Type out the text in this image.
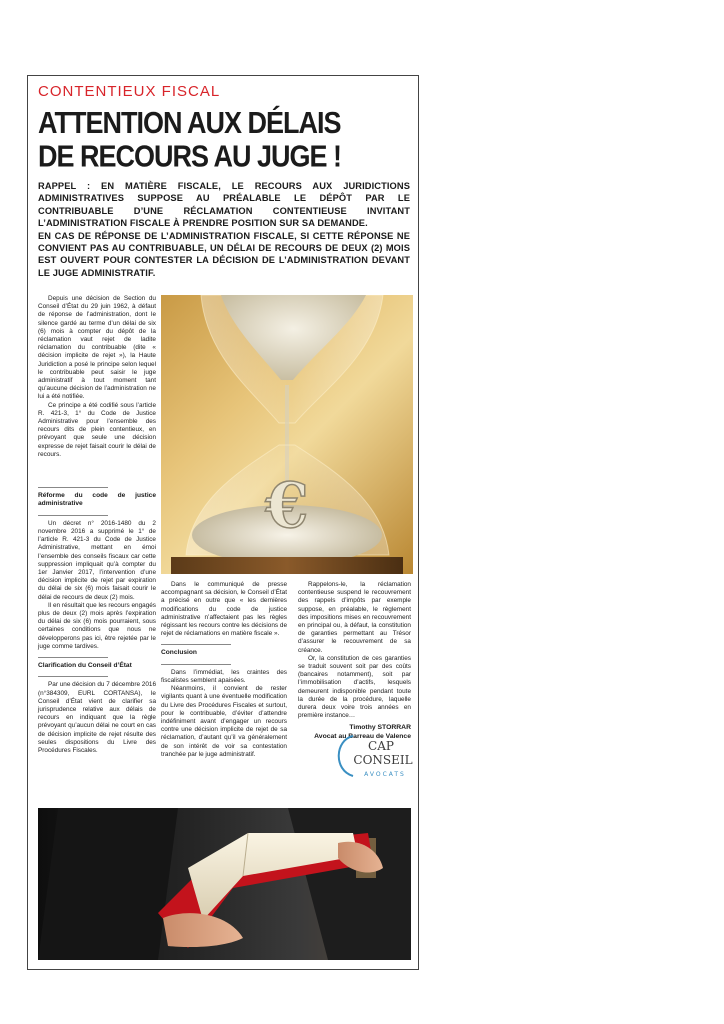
CONTENTIEUX FISCAL
ATTENTION AUX DÉLAIS
DE RECOURS AU JUGE !

RAPPEL : EN MATIÈRE FISCALE, LE RECOURS AUX JURIDICTIONS ADMINISTRATIVES SUPPOSE AU PRÉALABLE LE DÉPÔT PAR LE CONTRIBUABLE D’UNE RÉCLAMATION CONTENTIEUSE INVITANT L’ADMINISTRATION FISCALE À PRENDRE POSITION SUR SA DEMANDE.

EN CAS DE RÉPONSE DE L’ADMINISTRATION FISCALE, SI CETTE RÉPONSE NE CONVIENT PAS AU CONTRIBUABLE, UN DÉLAI DE RECOURS DE DEUX (2) MOIS EST OUVERT POUR CONTESTER LA DÉCISION DE L’ADMINISTRATION DEVANT LE JUGE ADMINISTRATIF.

Depuis une décision de Section du Conseil d’État du 29 juin 1962, à défaut de réponse de l’administration, dont le silence gardé au terme d’un délai de six (6) mois à compter du dépôt de la réclamation vaut rejet de ladite réclamation du contribuable (dite « décision implicite de rejet »), la Haute Juridiction a posé le principe selon lequel le contribuable peut saisir le juge administratif à tout moment tant qu’aucune décision de l’administration ne lui a été notifiée.

Ce principe a été codifié sous l’article R. 421-3, 1° du Code de Justice Administrative pour l’ensemble des recours dits de plein contentieux, en prévoyant que seule une décision expresse de rejet faisait courir le délai de recours.

€
Réforme du code de justice administrative

Un décret n° 2016-1480 du 2 novembre 2016 a supprimé le 1° de l’article R. 421-3 du Code de Justice Administrative, mettant en émoi l’ensemble des conseils fiscaux car cette suppression impliquait qu’à compter du 1er Janvier 2017, l’intervention d’une décision implicite de rejet par expiration du délai de six (6) mois faisait courir le délai de recours de deux (2) mois.

Il en résultait que les recours engagés plus de deux (2) mois après l’expiration du délai de six (6) mois pourraient, sous certaines conditions que nous ne développerons pas ici, être rejetée par le juge comme tardives.

Clarification du Conseil d’État

Par une décision du 7 décembre 2016 (n°384309, EURL CORTANSA), le Conseil d’État vient de clarifier sa jurisprudence relative aux délais de recours en indiquant que la règle prévoyant qu’aucun délai ne court en cas de décision implicite de rejet résulte des seules dispositions du Livre des Procédures Fiscales.

Dans le communiqué de presse accompagnant sa décision, le Conseil d’État a précisé en outre que « les dernières modifications du code de justice administrative n’affectaient pas les règles régissant les recours contre les décisions de rejet de réclamations en matière fiscale ».

Conclusion

Dans l’immédiat, les craintes des fiscalistes semblent apaisées.

Néanmoins, il convient de rester vigilants quant à une éventuelle modification du Livre des Procédures Fiscales et surtout, pour le contribuable, d’éviter d’attendre indéfiniment avant d’engager un recours contre une décision implicite de rejet de sa réclamation, d’autant qu’il va généralement de son intérêt de voir sa contestation tranchée par le juge administratif.

Rappelons-le, la réclamation contentieuse suspend le recouvrement des rappels d’impôts par exemple suppose, en préalable, le règlement des impositions mises en recouvrement en principal ou, à défaut, la constitution de garanties permettant au Trésor d’assurer le recouvrement de sa créance.

Or, la constitution de ces garanties se traduit souvent soit par des coûts (bancaires notamment), soit par l’immobilisation d’actifs, lesquels demeurent indisponible pendant toute la durée de la procédure, laquelle durera deux voire trois années en première instance…

Timothy STORRAR
Avocat au Barreau de Valence
CAP
CONSEIL
AVOCATS
